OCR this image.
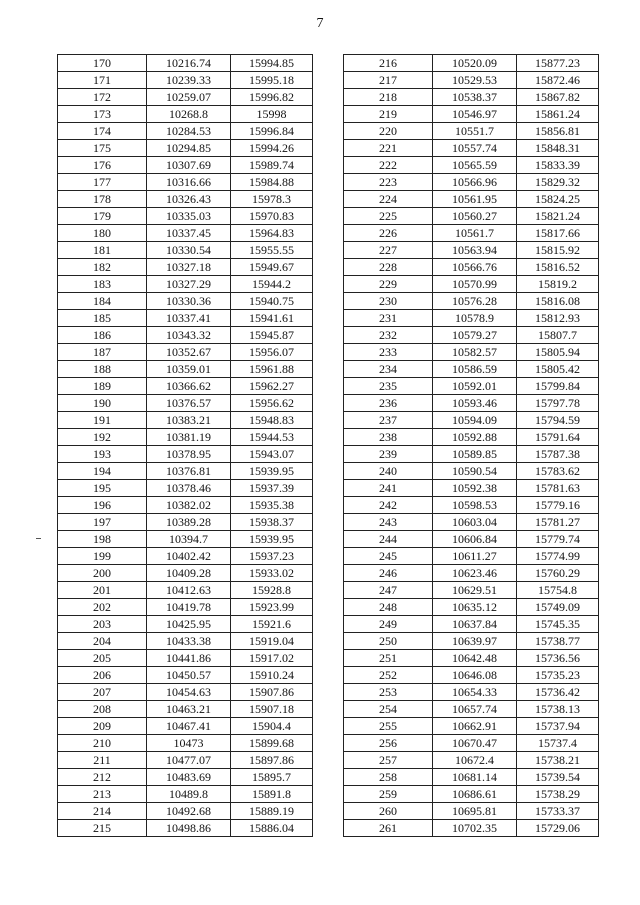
7
170	10216.74	15994.85
171	10239.33	15995.18
172	10259.07	15996.82
173	10268.8	15998
174	10284.53	15996.84
175	10294.85	15994.26
176	10307.69	15989.74
177	10316.66	15984.88
178	10326.43	15978.3
179	10335.03	15970.83
180	10337.45	15964.83
181	10330.54	15955.55
182	10327.18	15949.67
183	10327.29	15944.2
184	10330.36	15940.75
185	10337.41	15941.61
186	10343.32	15945.87
187	10352.67	15956.07
188	10359.01	15961.88
189	10366.62	15962.27
190	10376.57	15956.62
191	10383.21	15948.83
192	10381.19	15944.53
193	10378.95	15943.07
194	10376.81	15939.95
195	10378.46	15937.39
196	10382.02	15935.38
197	10389.28	15938.37
198	10394.7	15939.95
199	10402.42	15937.23
200	10409.28	15933.02
201	10412.63	15928.8
202	10419.78	15923.99
203	10425.95	15921.6
204	10433.38	15919.04
205	10441.86	15917.02
206	10450.57	15910.24
207	10454.63	15907.86
208	10463.21	15907.18
209	10467.41	15904.4
210	10473	15899.68
211	10477.07	15897.86
212	10483.69	15895.7
213	10489.8	15891.8
214	10492.68	15889.19
215	10498.86	15886.04
216	10520.09	15877.23
217	10529.53	15872.46
218	10538.37	15867.82
219	10546.97	15861.24
220	10551.7	15856.81
221	10557.74	15848.31
222	10565.59	15833.39
223	10566.96	15829.32
224	10561.95	15824.25
225	10560.27	15821.24
226	10561.7	15817.66
227	10563.94	15815.92
228	10566.76	15816.52
229	10570.99	15819.2
230	10576.28	15816.08
231	10578.9	15812.93
232	10579.27	15807.7
233	10582.57	15805.94
234	10586.59	15805.42
235	10592.01	15799.84
236	10593.46	15797.78
237	10594.09	15794.59
238	10592.88	15791.64
239	10589.85	15787.38
240	10590.54	15783.62
241	10592.38	15781.63
242	10598.53	15779.16
243	10603.04	15781.27
244	10606.84	15779.74
245	10611.27	15774.99
246	10623.46	15760.29
247	10629.51	15754.8
248	10635.12	15749.09
249	10637.84	15745.35
250	10639.97	15738.77
251	10642.48	15736.56
252	10646.08	15735.23
253	10654.33	15736.42
254	10657.74	15738.13
255	10662.91	15737.94
256	10670.47	15737.4
257	10672.4	15738.21
258	10681.14	15739.54
259	10686.61	15738.29
260	10695.81	15733.37
261	10702.35	15729.06
